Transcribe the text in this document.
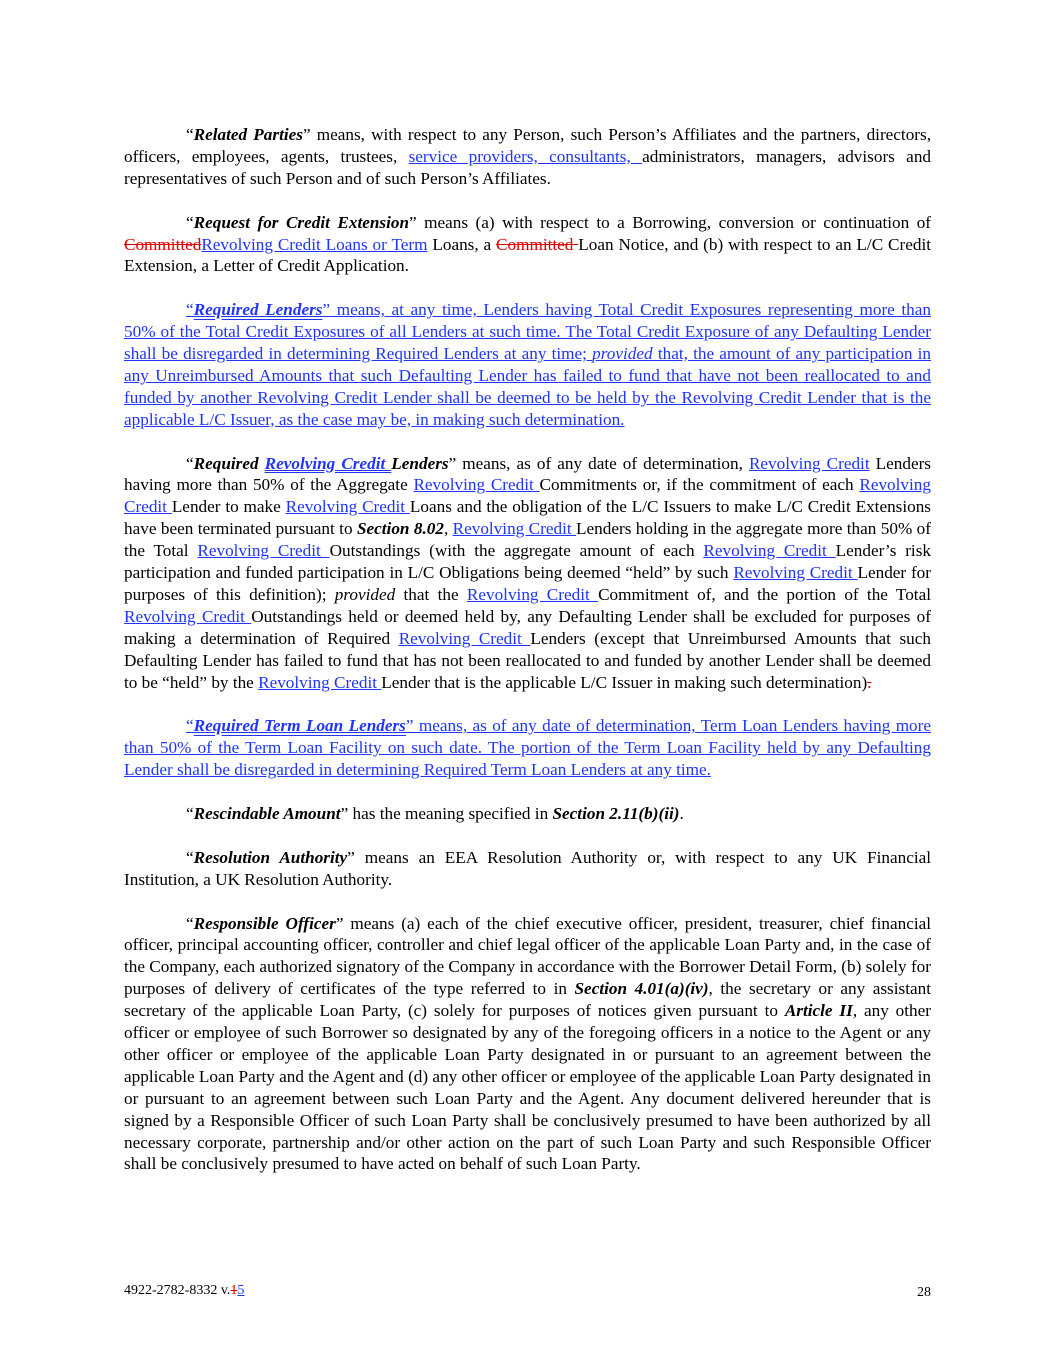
“Related Parties” means, with respect to any Person, such Person’s Affiliates and the partners, directors, officers, employees, agents, trustees, service providers, consultants, administrators, managers, advisors and representatives of such Person and of such Person’s Affiliates.

“Request for Credit Extension” means (a) with respect to a Borrowing, conversion or continuation of CommittedRevolving Credit Loans or Term Loans, a Committed Loan Notice, and (b) with respect to an L/C Credit Extension, a Letter of Credit Application.

“Required Lenders” means, at any time, Lenders having Total Credit Exposures representing more than 50% of the Total Credit Exposures of all Lenders at such time. The Total Credit Exposure of any Defaulting Lender shall be disregarded in determining Required Lenders at any time; provided that, the amount of any participation in any Unreimbursed Amounts that such Defaulting Lender has failed to fund that have not been reallocated to and funded by another Revolving Credit Lender shall be deemed to be held by the Revolving Credit Lender that is the applicable L/C Issuer, as the case may be, in making such determination.

“Required Revolving Credit Lenders” means, as of any date of determination, Revolving Credit Lenders having more than 50% of the Aggregate Revolving Credit Commitments or, if the commitment of each Revolving Credit Lender to make Revolving Credit Loans and the obligation of the L/C Issuers to make L/C Credit Extensions have been terminated pursuant to Section 8.02, Revolving Credit Lenders holding in the aggregate more than 50% of the Total Revolving Credit Outstandings (with the aggregate amount of each Revolving Credit Lender’s risk participation and funded participation in L/C Obligations being deemed “held” by such Revolving Credit Lender for purposes of this definition); provided that the Revolving Credit Commitment of, and the portion of the Total Revolving Credit Outstandings held or deemed held by, any Defaulting Lender shall be excluded for purposes of making a determination of Required Revolving Credit Lenders (except that Unreimbursed Amounts that such Defaulting Lender has failed to fund that has not been reallocated to and funded by another Lender shall be deemed to be “held” by the Revolving Credit Lender that is the applicable L/C Issuer in making such determination).

“Required Term Loan Lenders” means, as of any date of determination, Term Loan Lenders having more than 50% of the Term Loan Facility on such date. The portion of the Term Loan Facility held by any Defaulting Lender shall be disregarded in determining Required Term Loan Lenders at any time.

“Rescindable Amount” has the meaning specified in Section 2.11(b)(ii).

“Resolution Authority” means an EEA Resolution Authority or, with respect to any UK Financial Institution, a UK Resolution Authority.

“Responsible Officer” means (a) each of the chief executive officer, president, treasurer, chief financial officer, principal accounting officer, controller and chief legal officer of the applicable Loan Party and, in the case of the Company, each authorized signatory of the Company in accordance with the Borrower Detail Form, (b) solely for purposes of delivery of certificates of the type referred to in Section 4.01(a)(iv), the secretary or any assistant secretary of the applicable Loan Party, (c) solely for purposes of notices given pursuant to Article II, any other officer or employee of such Borrower so designated by any of the foregoing officers in a notice to the Agent or any other officer or employee of the applicable Loan Party designated in or pursuant to an agreement between the applicable Loan Party and the Agent and (d) any other officer or employee of the applicable Loan Party designated in or pursuant to an agreement between such Loan Party and the Agent. Any document delivered hereunder that is signed by a Responsible Officer of such Loan Party shall be conclusively presumed to have been authorized by all necessary corporate, partnership and/or other action on the part of such Loan Party and such Responsible Officer shall be conclusively presumed to have acted on behalf of such Loan Party.

4922-2782-8332 v.15	28
